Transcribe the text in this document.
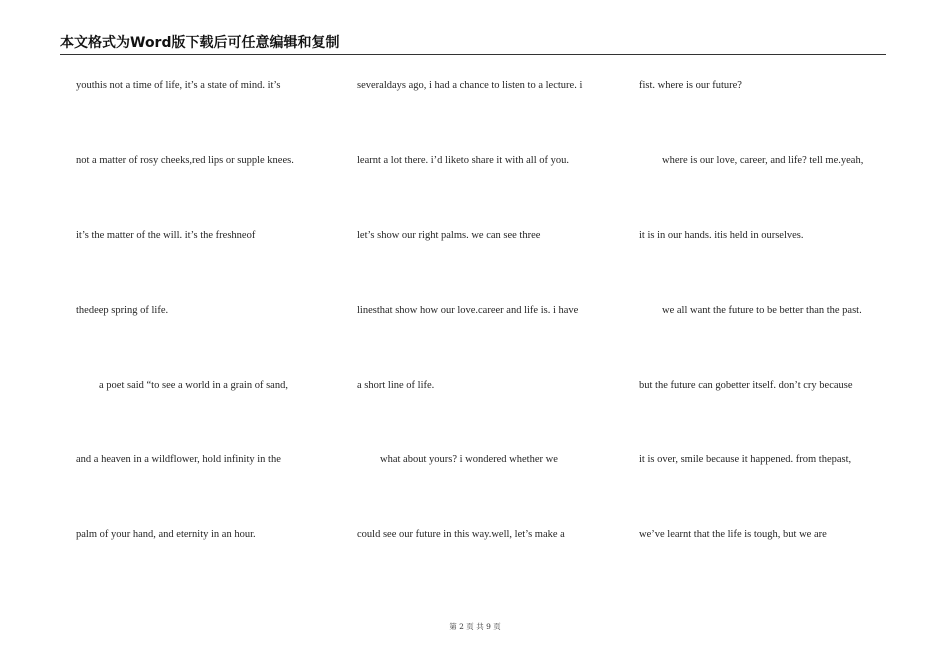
本文格式为Word版下载后可任意编辑和复制
youthis not a time of life, it’s a state of mind. it’s
not a matter of rosy cheeks,red lips or supple knees.
it’s the matter of the will. it’s the freshneof
thedeep spring of life.
a poet said “to see a world in a grain of sand,
and a heaven in a wildflower, hold infinity in the
palm of your hand, and eternity in an hour.
severaldays ago, i had a chance to listen to a lecture. i
learnt a lot there. i’d liketo share it with all of you.
let’s show our right palms. we can see three
linesthat show how our love.career and life is. i have
a short line of life.
what about yours? i wondered whether we
could see our future in this way.well, let’s make a
fist. where is our future?
where is our love, career, and life? tell me.yeah,
it is in our hands. itis held in ourselves.
we all want the future to be better than the past.
but the future can gobetter itself. don’t cry because
it is over, smile because it happened. from thepast,
we’ve learnt that the life is tough, but we are
第 2 页 共 9 页
